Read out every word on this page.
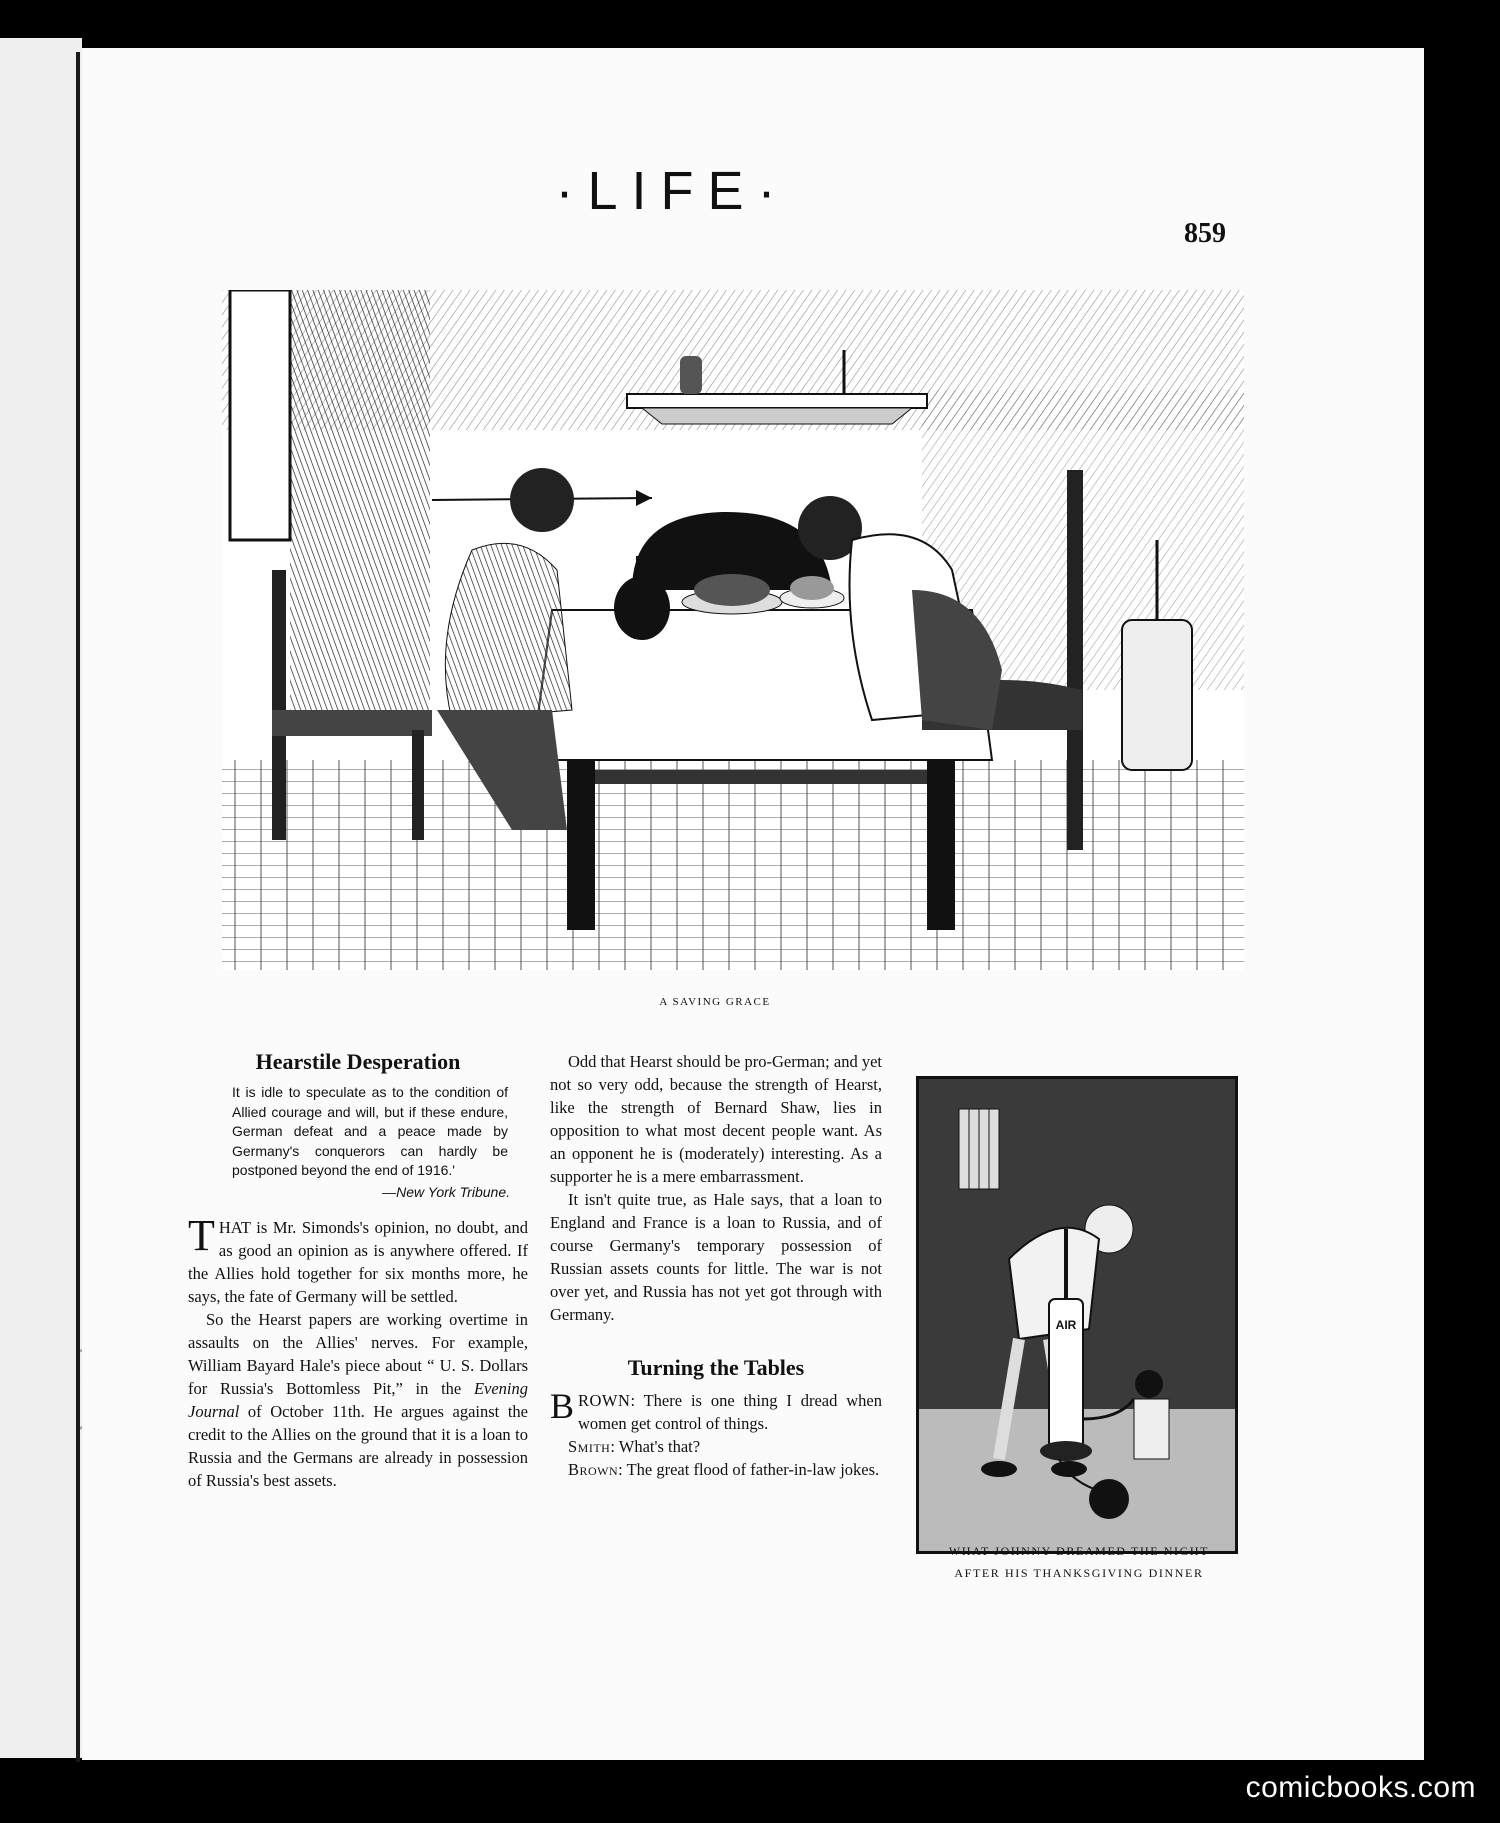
·LIFE·
859
A SAVING GRACE
Hearstile Desperation

It is idle to speculate as to the condition of Allied courage and will, but if these endure, German defeat and a peace made by Germany's conquerors can hardly be postponed beyond the end of 1916.'

—New York Tribune.

THAT is Mr. Simonds's opinion, no doubt, and as good an opinion as is anywhere offered. If the Allies hold together for six months more, he says, the fate of Germany will be settled.

So the Hearst papers are working overtime in assaults on the Allies' nerves. For example, William Bayard Hale's piece about “ U. S. Dollars for Russia's Bottomless Pit,” in the Evening Journal of October 11th. He argues against the credit to the Allies on the ground that it is a loan to Russia and the Germans are already in possession of Russia's best assets.

Odd that Hearst should be pro-German; and yet not so very odd, because the strength of Hearst, like the strength of Bernard Shaw, lies in opposition to what most decent people want. As an opponent he is (moderately) interesting. As a supporter he is a mere embarrassment.

It isn't quite true, as Hale says, that a loan to England and France is a loan to Russia, and of course Germany's temporary possession of Russian assets counts for little. The war is not over yet, and Russia has not yet got through with Germany.

Turning the Tables

BROWN: There is one thing I dread when women get control of things.

Smith: What's that?

Brown: The great flood of father-in-law jokes.

AIR
WHAT JOHNNY DREAMED THE NIGHT
AFTER HIS THANKSGIVING DINNER
comicbooks.com
